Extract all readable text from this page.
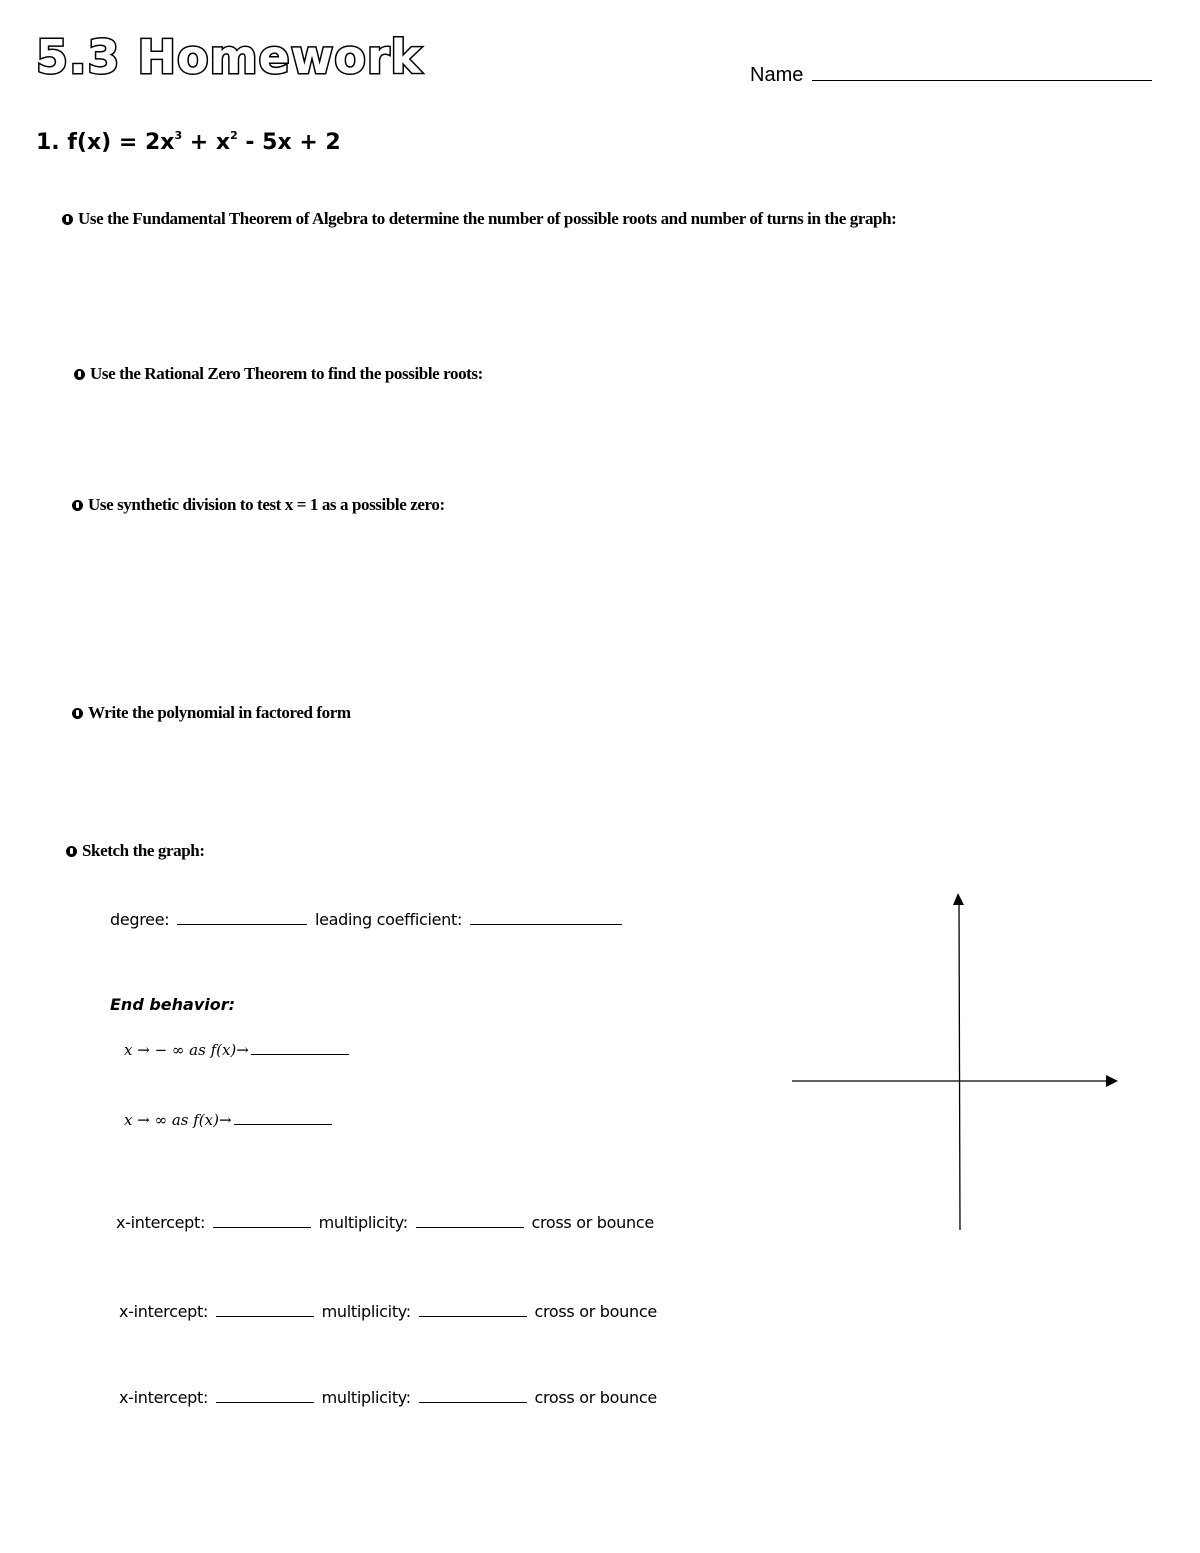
5.3 Homework	Name
1. $f(x) = 2x^3 + x^2 - 5x + 2$
Use the Fundamental Theorem of Algebra to determine the number of possible roots and number of turns in the graph:
Use the Rational Zero Theorem to find the possible roots:
Use synthetic division to test x = 1 as a possible zero:
Write the polynomial in factored form
Sketch the graph:
degree:	leading coefficient:
End behavior:
x → − ∞ as f(x)→
x → ∞ as f(x)→
x-intercept:	multiplicity:	cross or bounce
x-intercept:	multiplicity:	cross or bounce
x-intercept:	multiplicity:	cross or bounce
